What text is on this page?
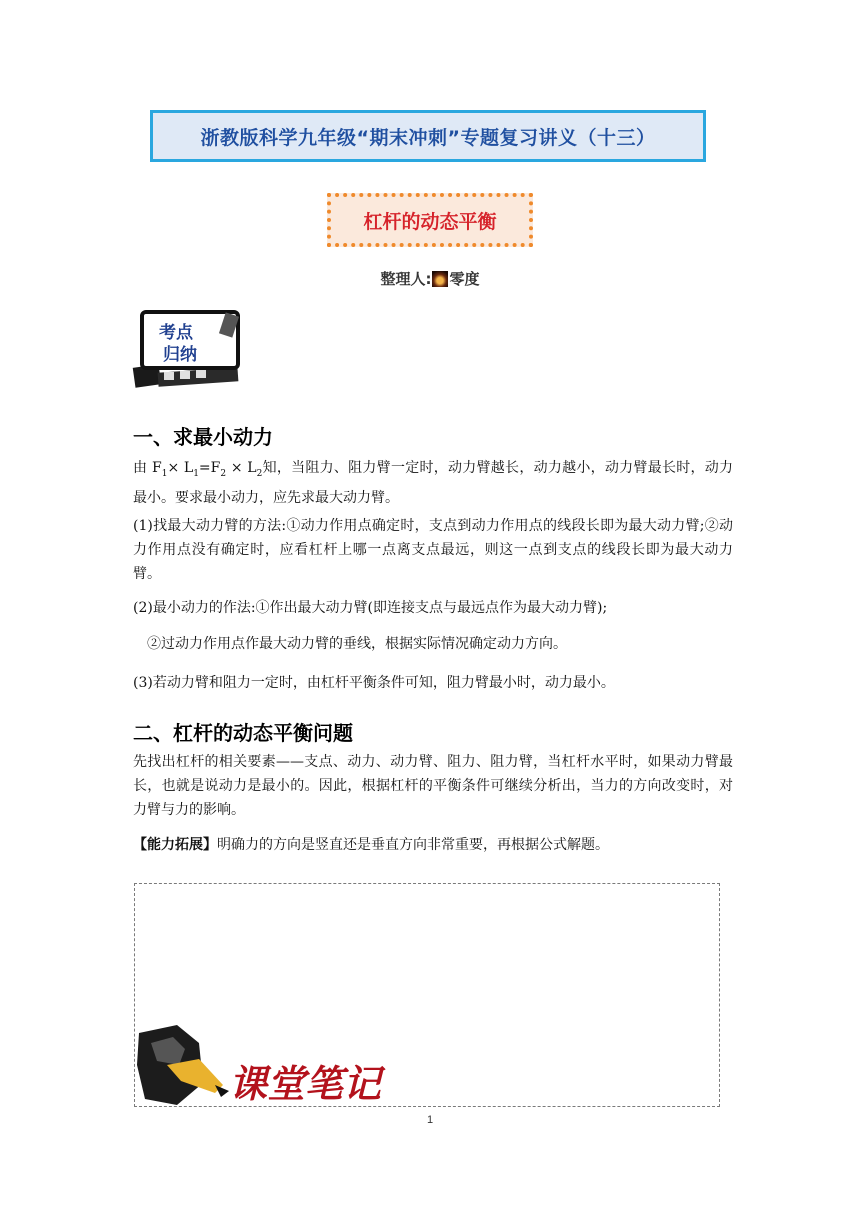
浙教版科学九年级“期末冲刺”专题复习讲义（十三）
杠杆的动态平衡
整理人: 零度
考点
归纳
一、求最小动力
由 $F_1\times L_1=F_2 \times L_2$知，当阻力、阻力臂一定时，动力臂越长，动力越小，动力臂最长时，动力最小。要求最小动力，应先求最大动力臂。
(1)找最大动力臂的方法:①动力作用点确定时，支点到动力作用点的线段长即为最大动力臂;②动力作用点没有确定时，应看杠杆上哪一点离支点最远，则这一点到支点的线段长即为最大动力臂。
(2)最小动力的作法:①作出最大动力臂(即连接支点与最远点作为最大动力臂);
②过动力作用点作最大动力臂的垂线，根据实际情况确定动力方向。
(3)若动力臂和阻力一定时，由杠杆平衡条件可知，阻力臂最小时，动力最小。
二、杠杆的动态平衡问题
先找出杠杆的相关要素——支点、动力、动力臂、阻力、阻力臂，当杠杆水平时，如果动力臂最长，也就是说动力是最小的。因此，根据杠杆的平衡条件可继续分析出，当力的方向改变时，对力臂与力的影响。
【能力拓展】明确力的方向是竖直还是垂直方向非常重要，再根据公式解题。
课堂笔记
1
